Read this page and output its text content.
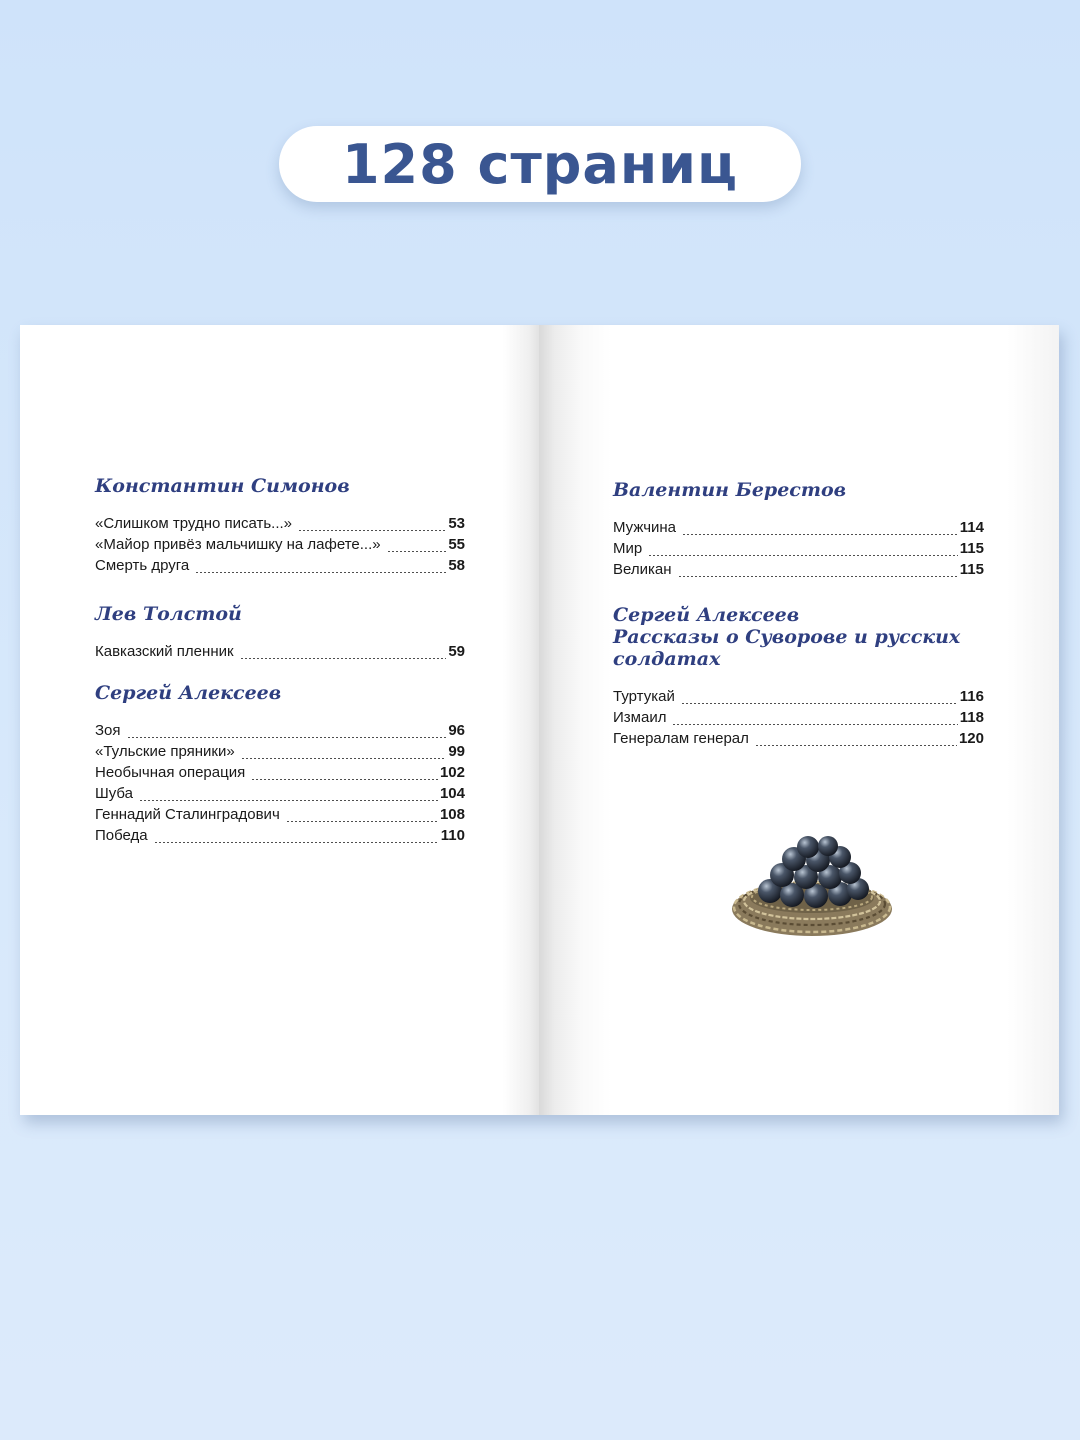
128 страниц

Константин Симонов

«Слишком трудно писать...»	53
«Майор привёз мальчишку на лафете...»	55
Смерть друга	58

Лев Толстой

Кавказский пленник	59

Сергей Алексеев

Зоя	96
«Тульские пряники»	99
Необычная операция	102
Шуба	104
Геннадий Сталинградович	108
Победа	110

Валентин Берестов

Мужчина	114
Мир	115
Великан	115

Сергей Алексеев

Рассказы о Суворове и русских

солдатах

Туртукай	116
Измаил	118
Генералам генерал	120
